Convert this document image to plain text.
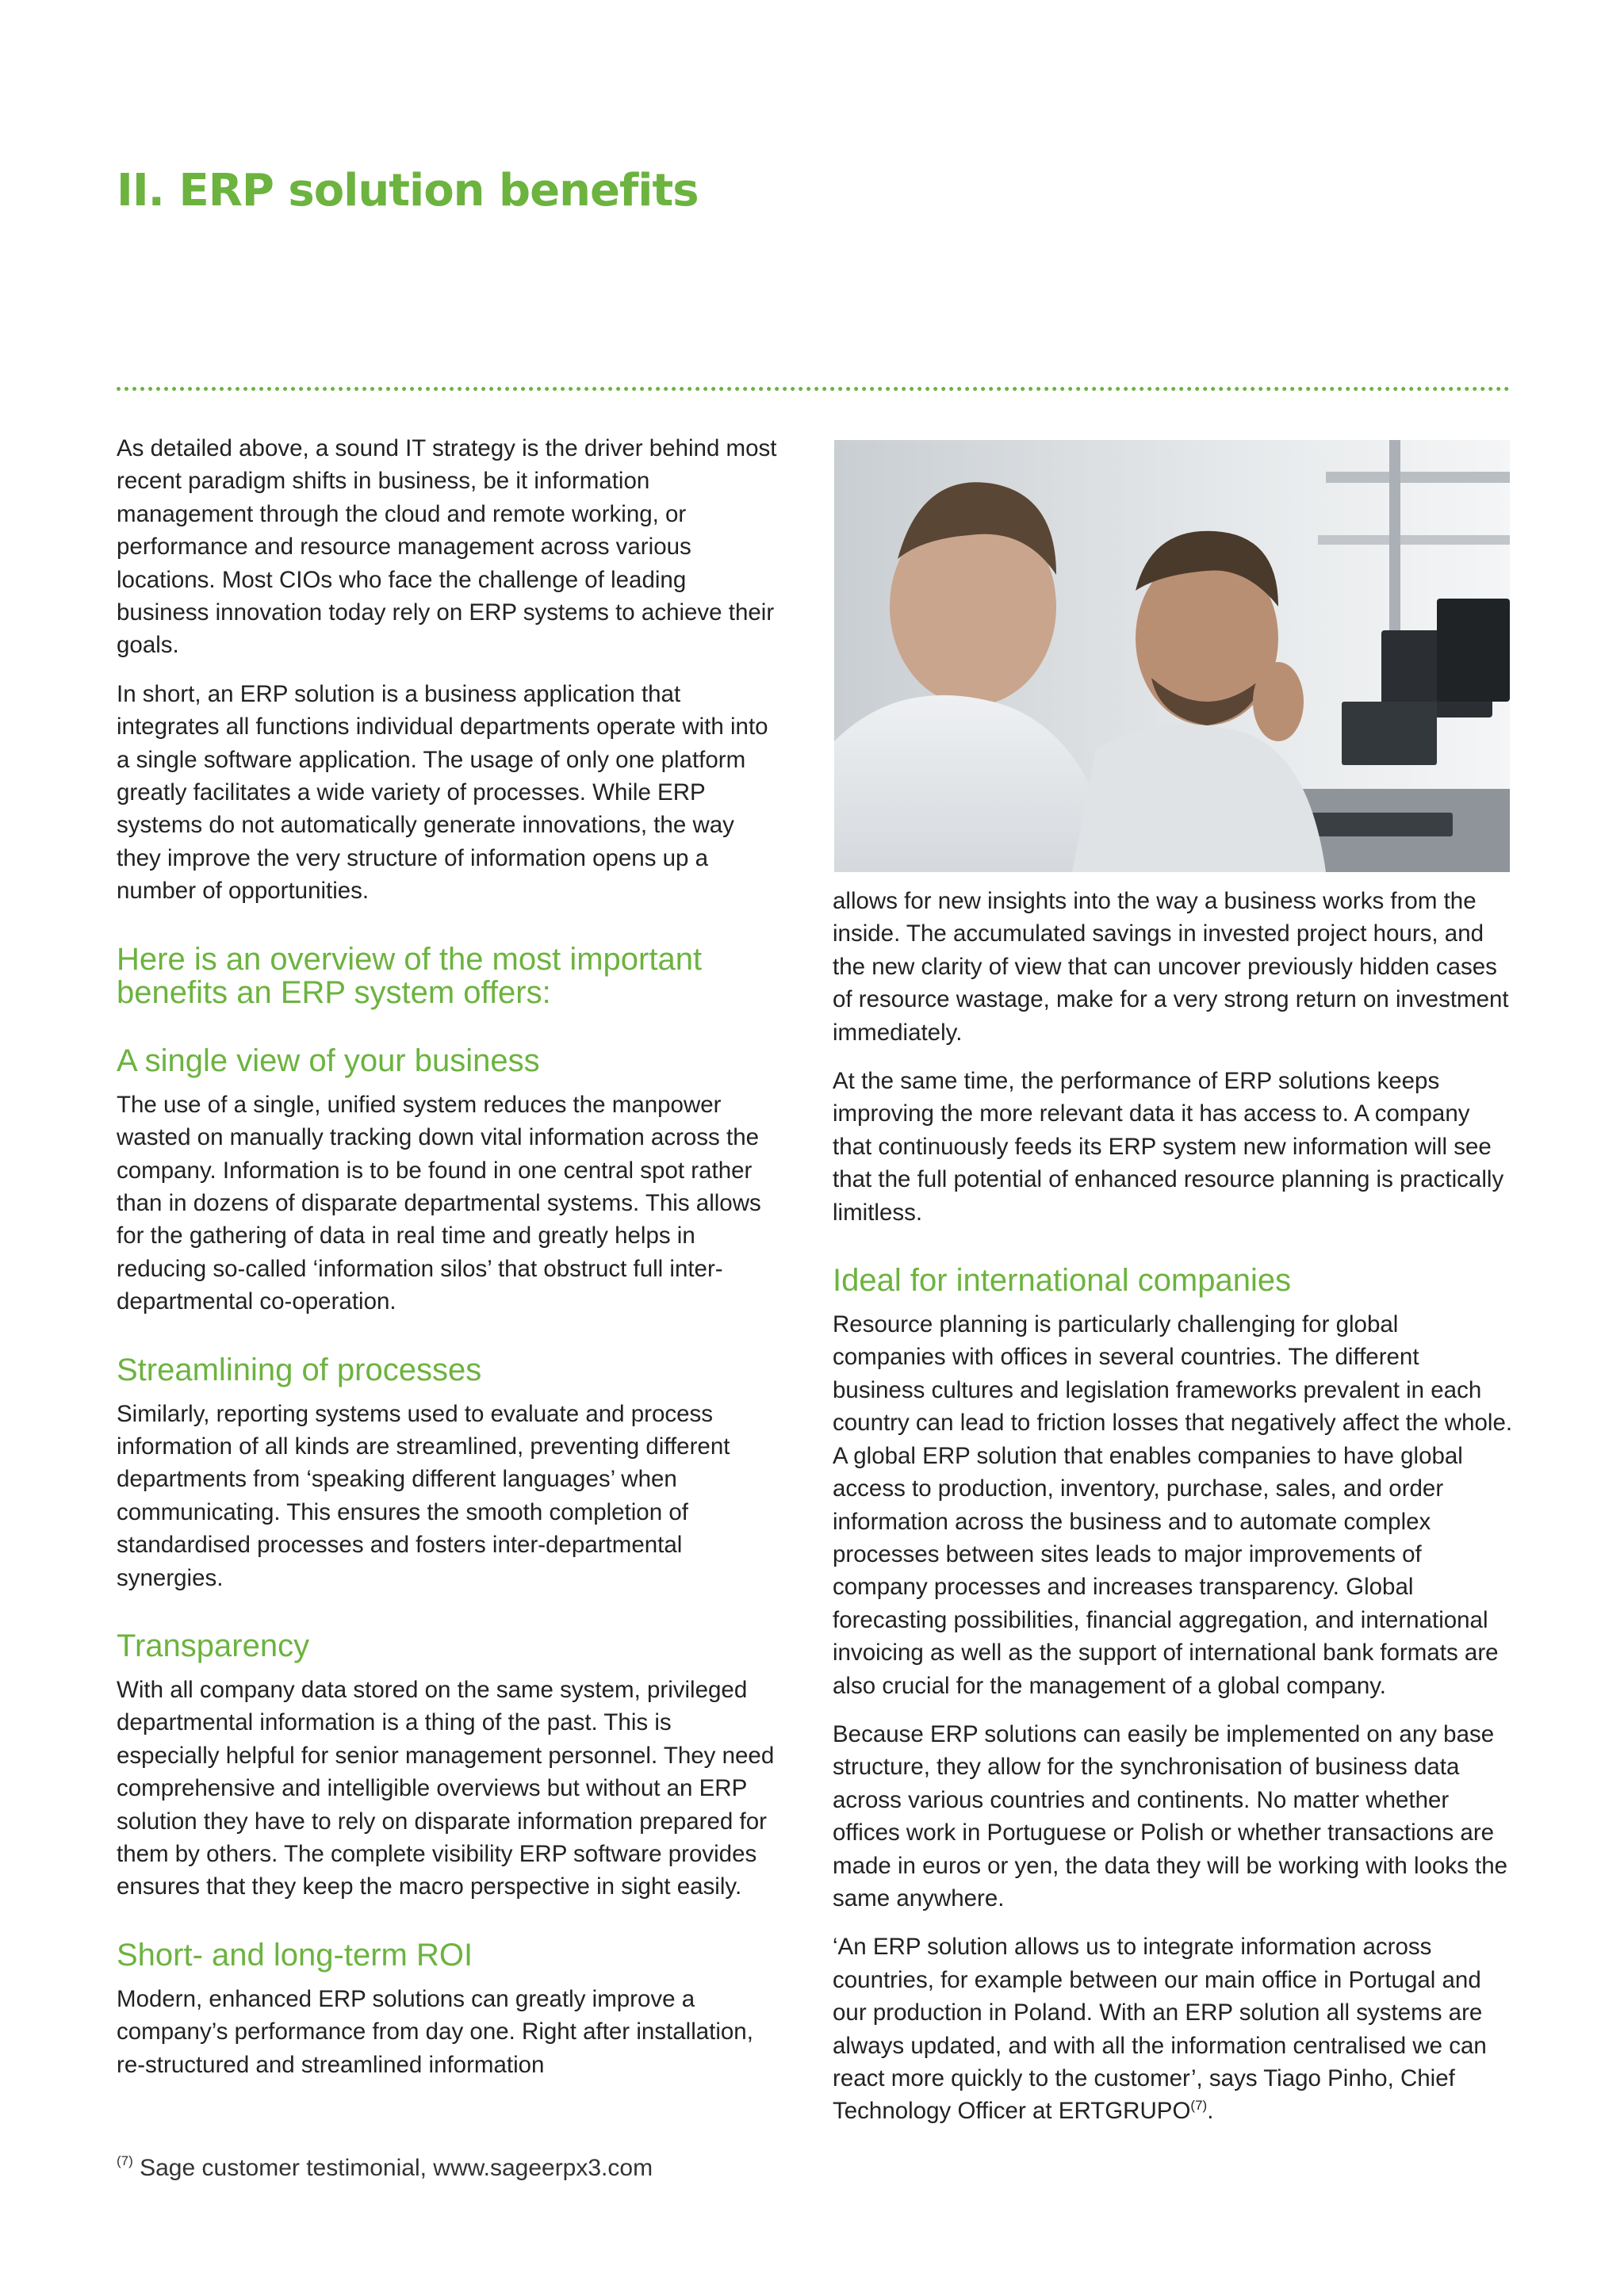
II. ERP solution benefits

As detailed above, a sound IT strategy is the driver behind most recent paradigm shifts in business, be it information management through the cloud and remote working, or performance and resource management across various locations. Most CIOs who face the challenge of leading business innovation today rely on ERP systems to achieve their goals.

In short, an ERP solution is a business application that integrates all functions individual departments operate with into a single software application. The usage of only one platform greatly facilitates a wide variety of processes. While ERP systems do not automatically generate innovations, the way they improve the very structure of information opens up a number of opportunities.

Here is an overview of the most important benefits an ERP system offers:
A single view of your business

The use of a single, unified system reduces the manpower wasted on manually tracking down vital information across the company. Information is to be found in one central spot rather than in dozens of disparate departmental systems. This allows for the gathering of data in real time and greatly helps in reducing so-called ‘information silos’ that obstruct full inter-departmental co-operation.

Streamlining of processes

Similarly, reporting systems used to evaluate and process information of all kinds are streamlined, preventing different departments from ‘speaking different languages’ when communicating. This ensures the smooth completion of standardised processes and fosters inter-departmental synergies.

Transparency

With all company data stored on the same system, privileged departmental information is a thing of the past. This is especially helpful for senior management personnel. They need comprehensive and intelligible overviews but without an ERP solution they have to rely on disparate information prepared for them by others. The complete visibility ERP software provides ensures that they keep the macro perspective in sight easily.

Short- and long-term ROI

Modern, enhanced ERP solutions can greatly improve a company’s performance from day one. Right after installation, re-structured and streamlined information

allows for new insights into the way a business works from the inside. The accumulated savings in invested project hours, and the new clarity of view that can uncover previously hidden cases of resource wastage, make for a very strong return on investment immediately.

At the same time, the performance of ERP solutions keeps improving the more relevant data it has access to. A company that continuously feeds its ERP system new information will see that the full potential of enhanced resource planning is practically limitless.

Ideal for international companies

Resource planning is particularly challenging for global companies with offices in several countries. The different business cultures and legislation frameworks prevalent in each country can lead to friction losses that negatively affect the whole. A global ERP solution that enables companies to have global access to production, inventory, purchase, sales, and order information across the business and to automate complex processes between sites leads to major improvements of company processes and increases transparency. Global forecasting possibilities, financial aggregation, and international invoicing as well as the support of international bank formats are also crucial for the management of a global company.

Because ERP solutions can easily be implemented on any base structure, they allow for the synchronisation of business data across various countries and continents. No matter whether offices work in Portuguese or Polish or whether transactions are made in euros or yen, the data they will be working with looks the same anywhere.

‘An ERP solution allows us to integrate information across countries, for example between our main office in Portugal and our production in Poland. With an ERP solution all systems are always updated, and with all the information centralised we can react more quickly to the customer’, says Tiago Pinho, Chief Technology Officer at ERTGRUPO$^{(7)}$.

$^{(7)}$ Sage customer testimonial, www.sageerpx3.com
